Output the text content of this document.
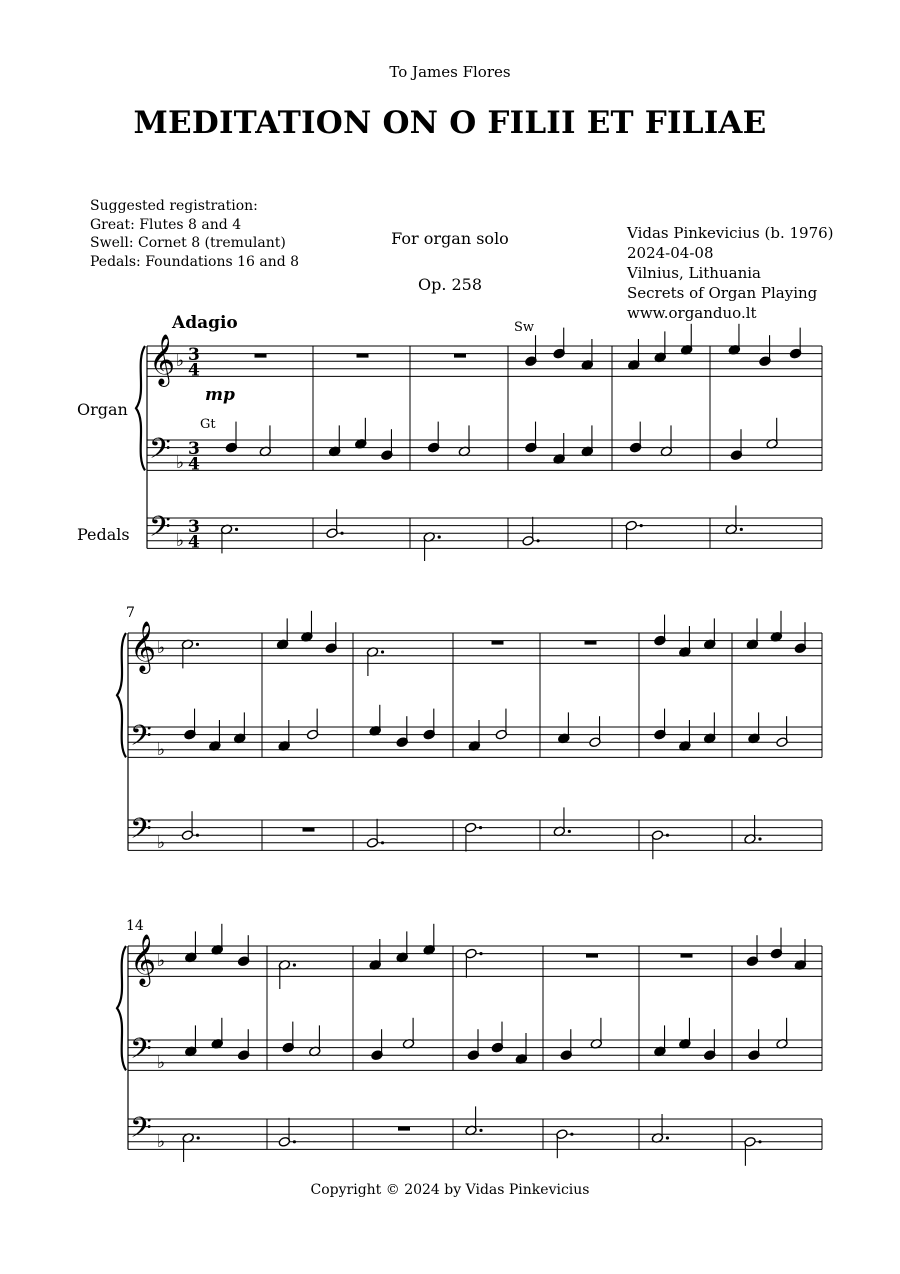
To James Flores
MEDITATION ON O FILII ET FILIAE
Suggested registration:
Great: Flutes 8 and 4
Swell: Cornet 8 (tremulant)
Pedals: Foundations 16 and 8
For organ solo
Op. 258
Vidas Pinkevicius (b. 1976)
2024-04-08
Vilnius, Lithuania
Secrets of Organ Playing
www.organduo.lt
𝄞
𝄢
𝄢
♭
♭
♭
3
4
3
4
3
4
𝄞
𝄢
𝄢
♭
♭
♭
7
𝄞
𝄢
𝄢
♭
♭
♭
14
Adagio
mp
Gt
Sw
Organ
Pedals
Copyright © 2024 by Vidas Pinkevicius
